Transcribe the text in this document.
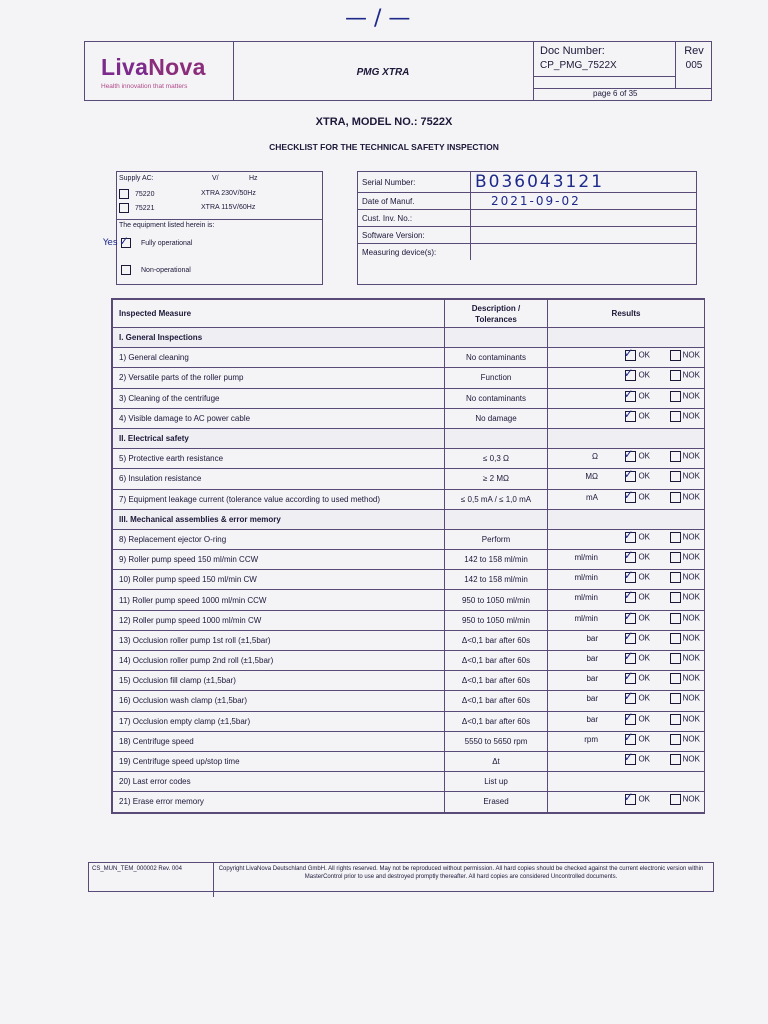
— / —
LivaNova
Health innovation that matters
PMG XTRA
Doc Number:
CP_PMG_7522X
Rev
005
page 6 of 35
XTRA, MODEL NO.: 7522X
CHECKLIST FOR THE TECHNICAL SAFETY INSPECTION
Supply AC:	V/	Hz
75220	XTRA 230V/50Hz
75221	XTRA 115V/60Hz
The equipment listed herein is:
Yes ✓ Fully operational
Non-operational
Serial Number:	B036043121
Date of Manuf.	2021-09-02
Cust. Inv. No.:	
Software Version:	
Measuring device(s):	
Inspected Measure	Description / Tolerances	Results
I. General Inspections		
1) General cleaning	No contaminants	✓ OK NOK

2) Versatile parts of the roller pump	Function	✓ OK NOK

3) Cleaning of the centrifuge	No contaminants	✓ OK NOK

4) Visible damage to AC power cable	No damage	✓ OK NOK

II. Electrical safety		
5) Protective earth resistance	≤ 0,3 Ω	Ω ✓ OK NOK

6) Insulation resistance	≥ 2 MΩ	MΩ ✓ OK NOK

7) Equipment leakage current (tolerance value according to used method)	≤ 0,5 mA / ≤ 1,0 mA	mA ✓ OK NOK

III. Mechanical assemblies & error memory		
8) Replacement ejector O-ring	Perform	✓ OK NOK

9) Roller pump speed 150 ml/min CCW	142 to 158 ml/min	ml/min ✓ OK NOK

10) Roller pump speed 150 ml/min CW	142 to 158 ml/min	ml/min ✓ OK NOK

11) Roller pump speed 1000 ml/min CCW	950 to 1050 ml/min	ml/min ✓ OK NOK

12) Roller pump speed 1000 ml/min CW	950 to 1050 ml/min	ml/min ✓ OK NOK

13) Occlusion roller pump 1st roll (±1,5bar)	Δ<0,1 bar after 60s	bar ✓ OK NOK

14) Occlusion roller pump 2nd roll (±1,5bar)	Δ<0,1 bar after 60s	bar ✓ OK NOK

15) Occlusion fill clamp (±1,5bar)	Δ<0,1 bar after 60s	bar ✓ OK NOK

16) Occlusion wash clamp (±1,5bar)	Δ<0,1 bar after 60s	bar ✓ OK NOK

17) Occlusion empty clamp (±1,5bar)	Δ<0,1 bar after 60s	bar ✓ OK NOK

18) Centrifuge speed	5550 to 5650 rpm	rpm ✓ OK NOK

19) Centrifuge speed up/stop time	Δt	✓ OK NOK

20) Last error codes	List up	
21) Erase error memory	Erased	✓ OK NOK
CS_MUN_TEM_000002 Rev. 004	Copyright LivaNova Deutschland GmbH. All rights reserved. May not be reproduced without permission. All hard copies should be checked against the current electronic version within MasterControl prior to use and destroyed promptly thereafter. All hard copies are considered Uncontrolled documents.
